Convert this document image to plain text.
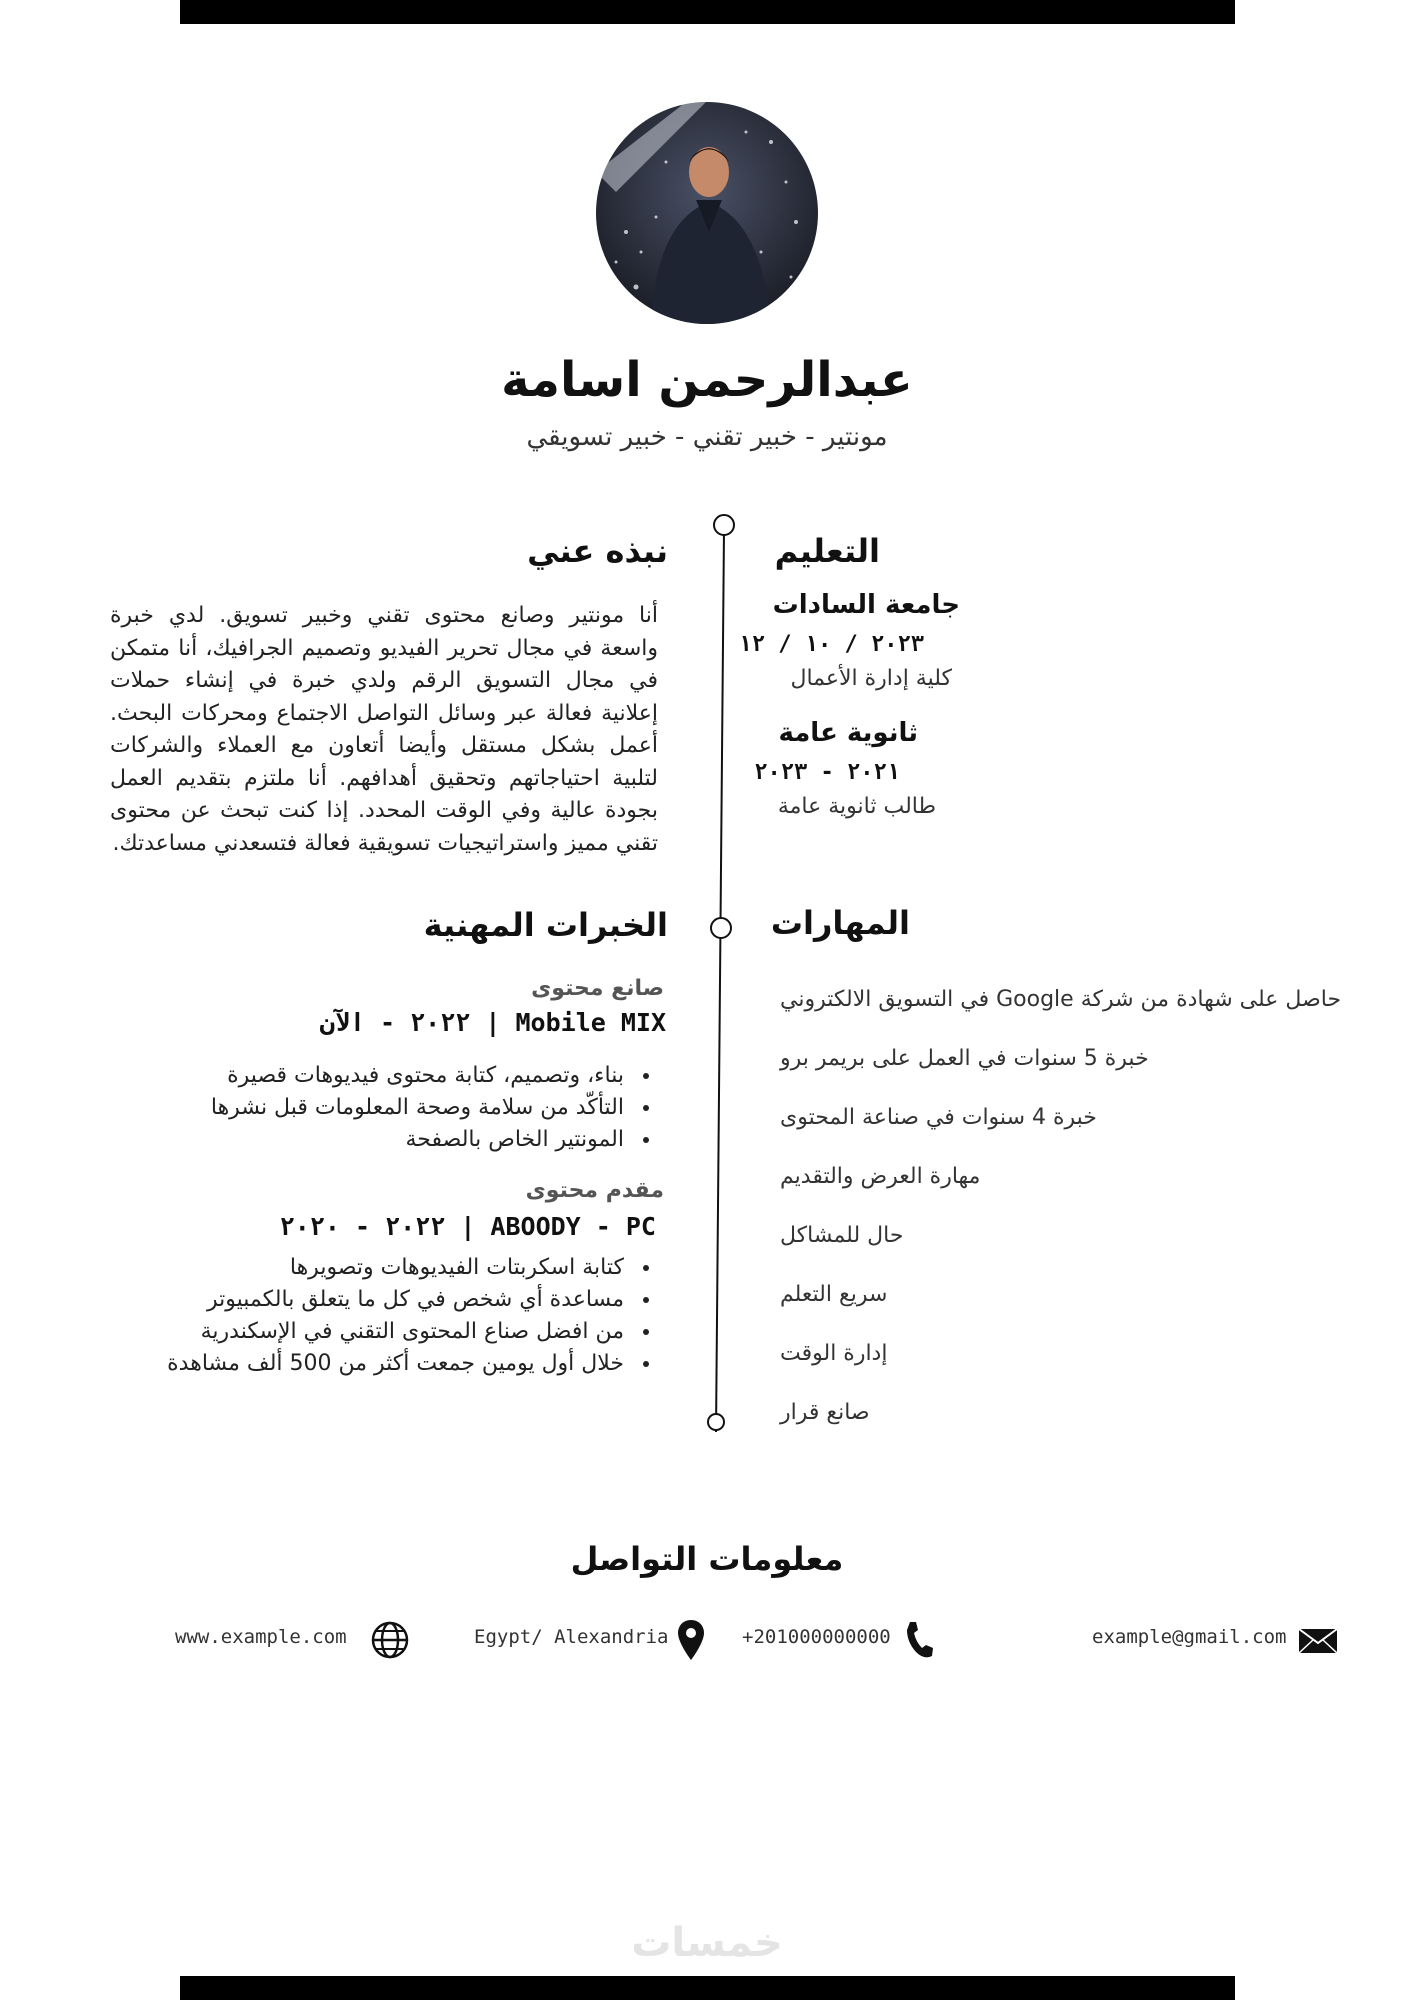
عبدالرحمن اسامة
مونتير - خبير تقني - خبير تسويقي
نبذه عني
أنا مونتير وصانع محتوى تقني وخبير تسويق. لدي خبرة واسعة في مجال تحرير الفيديو وتصميم الجرافيك، أنا متمكن في مجال التسويق الرقم ولدي خبرة في إنشاء حملات إعلانية فعالة عبر وسائل التواصل الاجتماع ومحركات البحث. أعمل بشكل مستقل وأيضا أتعاون مع العملاء والشركات لتلبية احتياجاتهم وتحقيق أهدافهم. أنا ملتزم بتقديم العمل بجودة عالية وفي الوقت المحدد. إذا كنت تبحث عن محتوى تقني مميز واستراتيجيات تسويقية فعالة فتسعدني مساعدتك.
التعليم
جامعة السادات
٢٠٢٣ / ١٠ / ١٢
كلية إدارة الأعمال
ثانوية عامة
٢٠٢١ - ٢٠٢٣
طالب ثانوية عامة
الخبرات المهنية
صانع محتوى
Mobile MIX | ٢٠٢٢ - الآن
• بناء، وتصميم، كتابة محتوى فيديوهات قصيرة
• التأكّد من سلامة وصحة المعلومات قبل نشرها
• المونتير الخاص بالصفحة
مقدم محتوى
ABOODY - PC | ٢٠٢٢ - ٢٠٢٠
• كتابة اسكربتات الفيديوهات وتصويرها
• مساعدة أي شخص في كل ما يتعلق بالكمبيوتر
• من افضل صناع المحتوى التقني في الإسكندرية
• خلال أول يومين جمعت أكثر من 500 ألف مشاهدة
المهارات
حاصل على شهادة من شركة Google في التسويق الالكتروني
خبرة 5 سنوات في العمل على بريمر برو
خبرة 4 سنوات في صناعة المحتوى
مهارة العرض والتقديم
حال للمشاكل
سريع التعلم
إدارة الوقت
صانع قرار
معلومات التواصل
www.example.com	Egypt/ Alexandria	+201000000000	example@gmail.com
خمسات
